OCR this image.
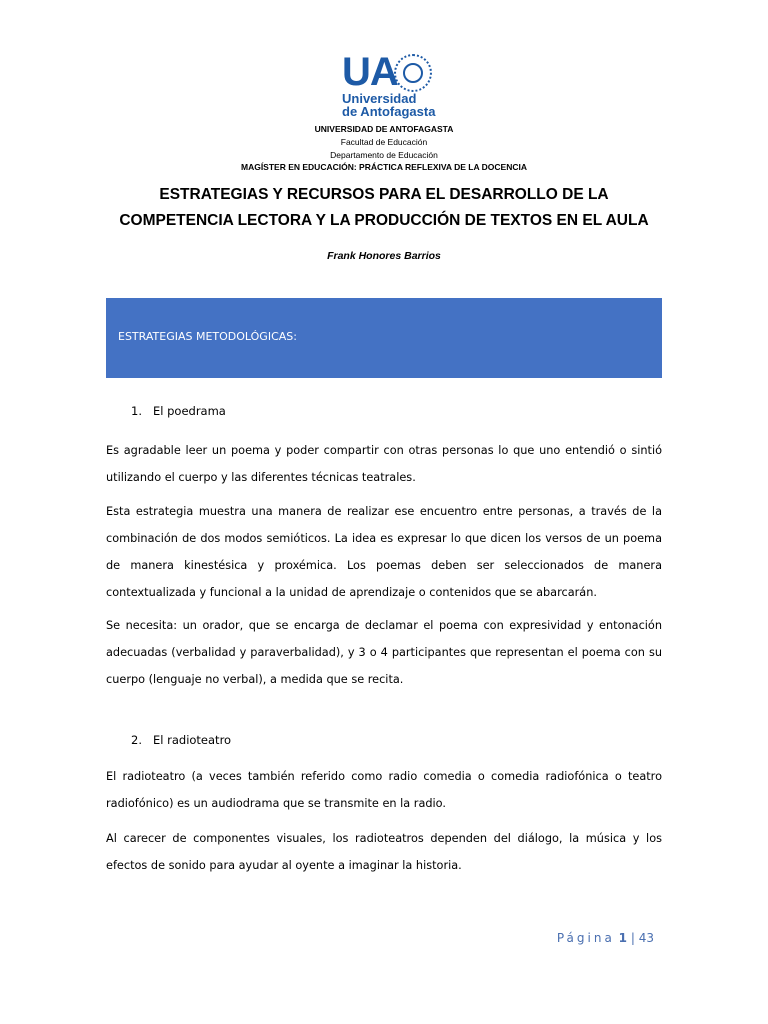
UA
Universidad
de Antofagasta
UNIVERSIDAD DE ANTOFAGASTA
Facultad de Educación
Departamento de Educación
MAGÍSTER EN EDUCACIÓN: PRÁCTICA REFLEXIVA DE LA DOCENCIA
ESTRATEGIAS Y RECURSOS PARA EL DESARROLLO DE LA
COMPETENCIA LECTORA Y LA PRODUCCIÓN DE TEXTOS EN EL AULA
Frank Honores Barrios
ESTRATEGIAS METODOLÓGICAS:
1. El poedrama

Es agradable leer un poema y poder compartir con otras personas lo que uno entendió o sintió utilizando el cuerpo y las diferentes técnicas teatrales.

Esta estrategia muestra una manera de realizar ese encuentro entre personas, a través de la combinación de dos modos semióticos. La idea es expresar lo que dicen los versos de un poema de manera kinestésica y proxémica. Los poemas deben ser seleccionados de manera contextualizada y funcional a la unidad de aprendizaje o contenidos que se abarcarán.

Se necesita: un orador, que se encarga de declamar el poema con expresividad y entonación adecuadas (verbalidad y paraverbalidad), y 3 o 4 participantes que representan el poema con su cuerpo (lenguaje no verbal), a medida que se recita.

2. El radioteatro

El radioteatro (a veces también referido como radio comedia o comedia radiofónica o teatro radiofónico) es un audiodrama que se transmite en la radio.

Al carecer de componentes visuales, los radioteatros dependen del diálogo, la música y los efectos de sonido para ayudar al oyente a imaginar la historia.

Página 1 | 43
